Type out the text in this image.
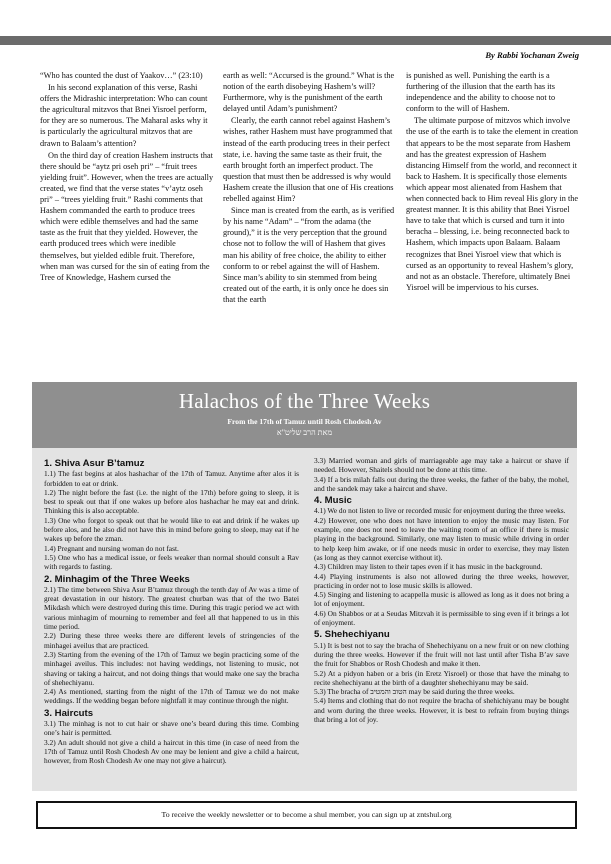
By Rabbi Yochanan Zweig

“Who has counted the dust of Yaakov…” (23:10)

In his second explanation of this verse, Rashi offers the Midrashic interpretation: Who can count the agricultural mitzvos that Bnei Yisroel perform, for they are so numerous. The Maharal asks why it is particularly the agricultural mitzvos that are drawn to Balaam’s attention?

On the third day of creation Hashem instructs that there should be “aytz pri oseh pri” – “fruit trees yielding fruit”. However, when the trees are actually created, we find that the verse states “v’aytz oseh pri” – “trees yielding fruit.” Rashi comments that Hashem commanded the earth to produce trees which were edible themselves and had the same taste as the fruit that they yielded. However, the earth produced trees which were inedible themselves, but yielded edible fruit. Therefore, when man was cursed for the sin of eating from the Tree of Knowledge, Hashem cursed the

earth as well: “Accursed is the ground.” What is the notion of the earth disobeying Hashem’s will? Furthermore, why is the punishment of the earth delayed until Adam’s punishment?

Clearly, the earth cannot rebel against Hashem’s wishes, rather Hashem must have programmed that instead of the earth producing trees in their perfect state, i.e. having the same taste as their fruit, the earth brought forth an imperfect product. The question that must then be addressed is why would Hashem create the illusion that one of His creations rebelled against Him?

Since man is created from the earth, as is verified by his name “Adam” – “from the adama (the ground),” it is the very perception that the ground chose not to follow the will of Hashem that gives man his ability of free choice, the ability to either conform to or rebel against the will of Hashem. Since man’s ability to sin stemmed from being created out of the earth, it is only once he does sin that the earth

is punished as well. Punishing the earth is a furthering of the illusion that the earth has its independence and the ability to choose not to conform to the will of Hashem.

The ultimate purpose of mitzvos which involve the use of the earth is to take the element in creation that appears to be the most separate from Hashem and has the greatest expression of Hashem distancing Himself from the world, and reconnect it back to Hashem. It is specifically those elements which appear most alienated from Hashem that when connected back to Him reveal His glory in the greatest manner. It is this ability that Bnei Yisroel have to take that which is cursed and turn it into beracha – blessing, i.e. being reconnected back to Hashem, which impacts upon Balaam. Balaam recognizes that Bnei Yisroel view that which is cursed as an opportunity to reveal Hashem’s glory, and not as an obstacle. Therefore, ultimately Bnei Yisroel will be impervious to his curses.

Halachos of the Three Weeks
From the 17th of Tamuz until Rosh Chodesh Av
מאת הרב שליט"א
1. Shiva Asur B’tamuz

1.1) The fast begins at alos hashachar of the 17th of Tamuz. Anytime after alos it is forbidden to eat or drink.

1.2) The night before the fast (i.e. the night of the 17th) before going to sleep, it is best to speak out that if one wakes up before alos hashachar he may eat and drink. Thinking this is also acceptable.

1.3) One who forgot to speak out that he would like to eat and drink if he wakes up before alos, and he also did not have this in mind before going to sleep, may eat if he wakes up before the zman.

1.4) Pregnant and nursing woman do not fast.

1.5) One who has a medical issue, or feels weaker than normal should consult a Rav with regards to fasting.

2. Minhagim of the Three Weeks

2.1) The time between Shiva Asur B’tamuz through the tenth day of Av was a time of great devastation in our history. The greatest churban was that of the two Batei Mikdash which were destroyed during this time. During this tragic period we act with various minhagim of mourning to remember and feel all that happened to us in this time period.

2.2) During these three weeks there are different levels of stringencies of the minhagei aveilus that are practiced.

2.3) Starting from the evening of the 17th of Tamuz we begin practicing some of the minhagei aveilus. This includes: not having weddings, not listening to music, not shaving or taking a haircut, and not doing things that would make one say the bracha of shehechiyanu.

2.4) As mentioned, starting from the night of the 17th of Tamuz we do not make weddings. If the wedding began before nightfall it may continue through the night.

3. Haircuts

3.1) The minhag is not to cut hair or shave one’s beard during this time. Combing one’s hair is permitted.

3.2) An adult should not give a child a haircut in this time (in case of need from the 17th of Tamuz until Rosh Chodesh Av one may be lenient and give a child a haircut, however, from Rosh Chodesh Av one may not give a haircut).

3.3) Married woman and girls of marriageable age may take a haircut or shave if needed. However, Shaitels should not be done at this time.

3.4) If a bris milah falls out during the three weeks, the father of the baby, the mohel, and the sandek may take a haircut and shave.

4. Music

4.1) We do not listen to live or recorded music for enjoyment during the three weeks.

4.2) However, one who does not have intention to enjoy the music may listen. For example, one does not need to leave the waiting room of an office if there is music playing in the background. Similarly, one may listen to music while driving in order to help keep him awake, or if one needs music in order to exercise, they may listen (as long as they cannot exercise without it).

4.3) Children may listen to their tapes even if it has music in the background.

4.4) Playing instruments is also not allowed during the three weeks, however, practicing in order not to lose music skills is allowed.

4.5) Singing and listening to acappella music is allowed as long as it does not bring a lot of enjoyment.

4.6) On Shabbos or at a Seudas Mitzvah it is permissible to sing even if it brings a lot of enjoyment.

5. Shehechiyanu

5.1) It is best not to say the bracha of Shehechiyanu on a new fruit or on new clothing during the three weeks. However if the fruit will not last until after Tisha B’av save the fruit for Shabbos or Rosh Chodesh and make it then.

5.2) At a pidyon haben or a bris (in Eretz Yisroel) or those that have the minahg to recite shehechiyanu at the birth of a daughter shehechiyanu may be said.

5.3) The bracha of הטוב והמטיב may be said during the three weeks.

5.4) Items and clothing that do not require the bracha of shehichiyanu may be bought and worn during the three weeks. However, it is best to refrain from buying things that bring a lot of joy.

To receive the weekly newsletter or to become a shul member, you can sign up at zntshul.org
